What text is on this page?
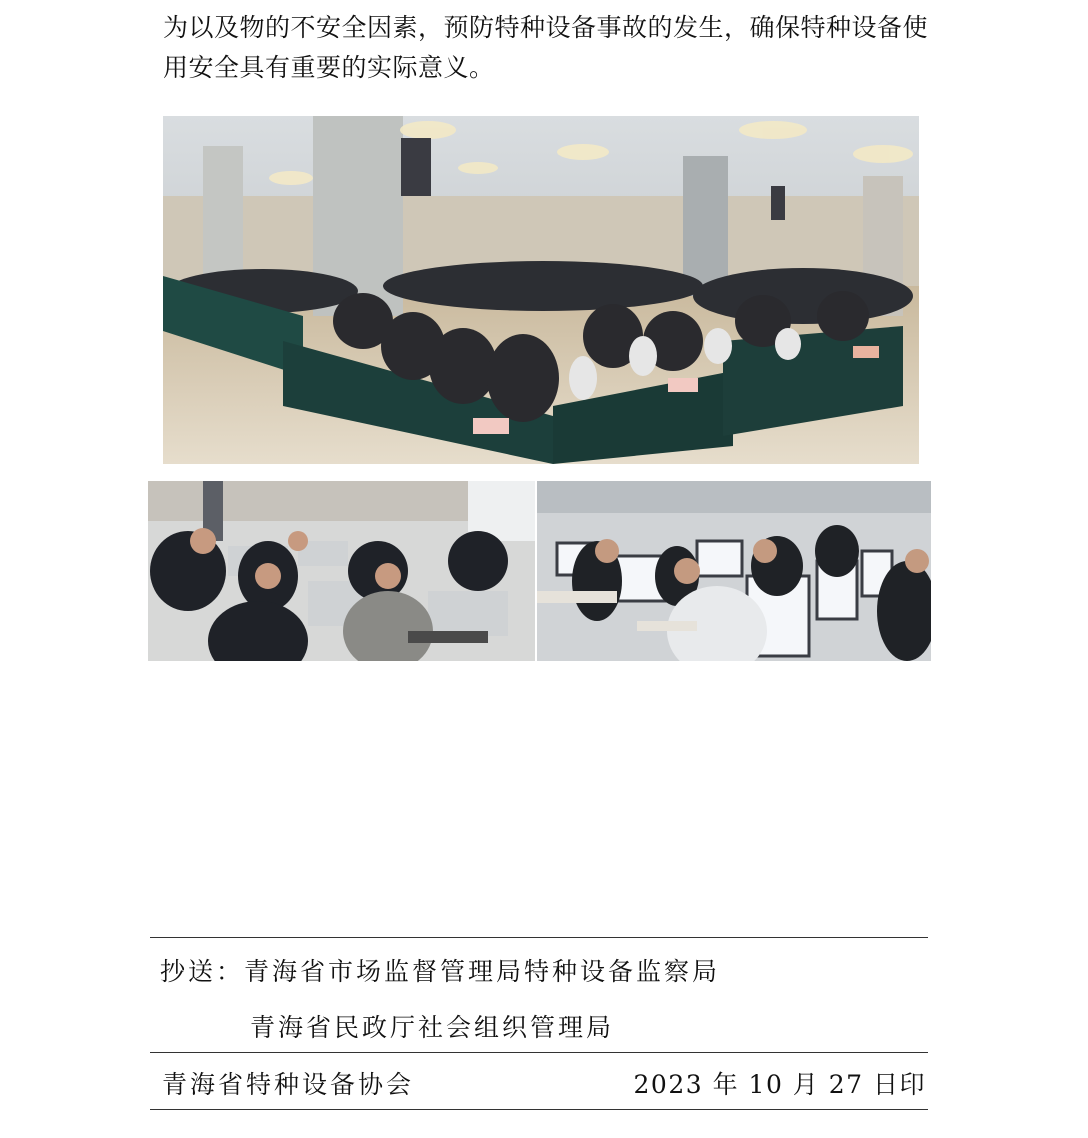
为以及物的不安全因素，预防特种设备事故的发生，确保特种设备使
用安全具有重要的实际意义。

抄送：青海省市场监督管理局特种设备监察局
青海省民政厅社会组织管理局
青海省特种设备协会	2023 年 10 月 27 日印
